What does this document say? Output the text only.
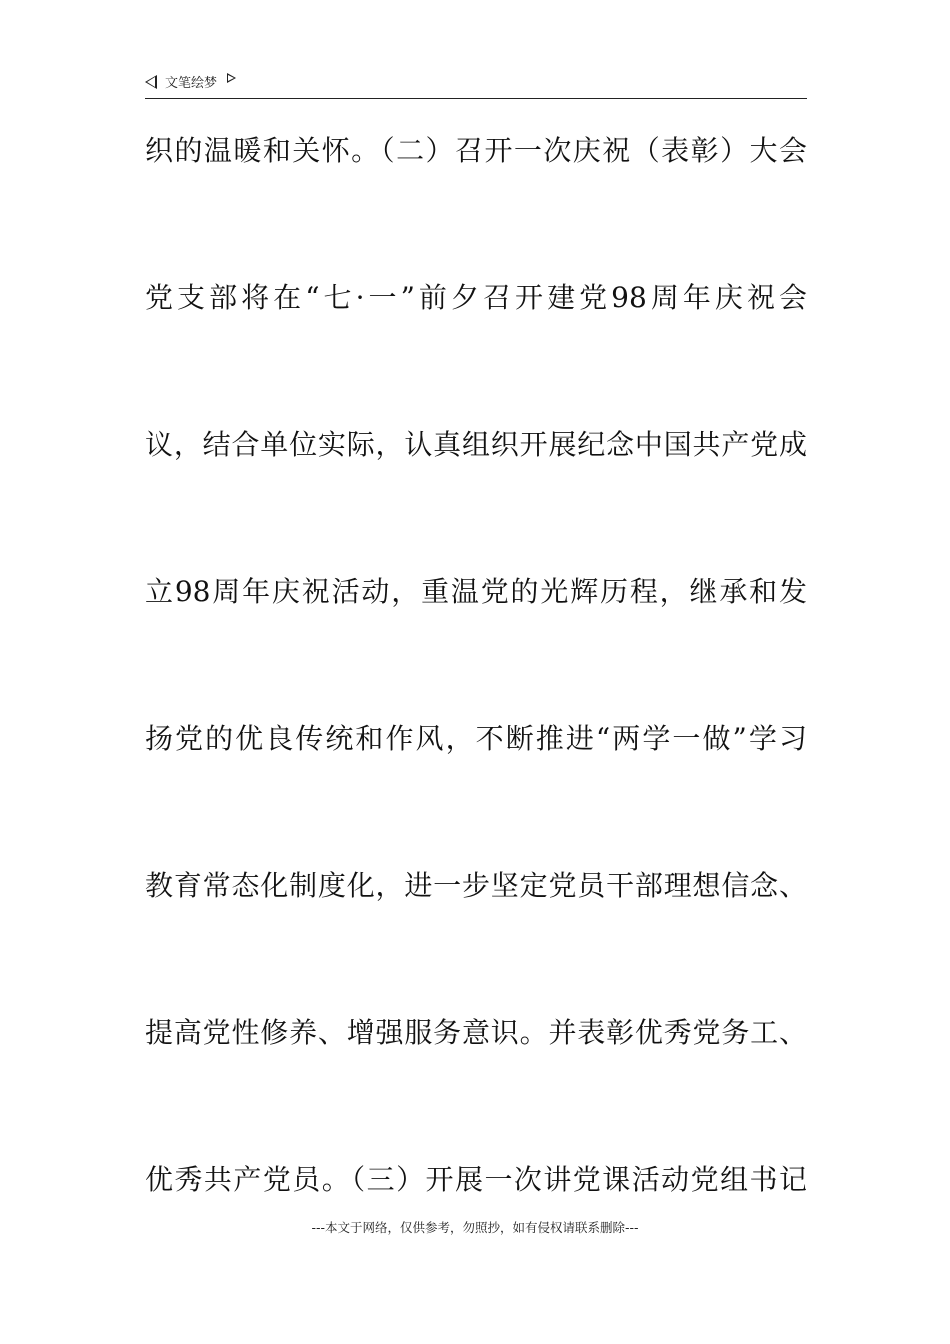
文笔绘梦
织的温暖和关怀。（二）召开一次庆祝（表彰）大会
党支部将在“七·一”前夕召开建党98周年庆祝会
议，结合单位实际，认真组织开展纪念中国共产党成
立98周年庆祝活动，重温党的光辉历程，继承和发
扬党的优良传统和作风，不断推进“两学一做”学习
教育常态化制度化，进一步坚定党员干部理想信念、
提高党性修养、增强服务意识。并表彰优秀党务工、
优秀共产党员。（三）开展一次讲党课活动党组书记
---本文于网络，仅供参考，勿照抄，如有侵权请联系删除---
